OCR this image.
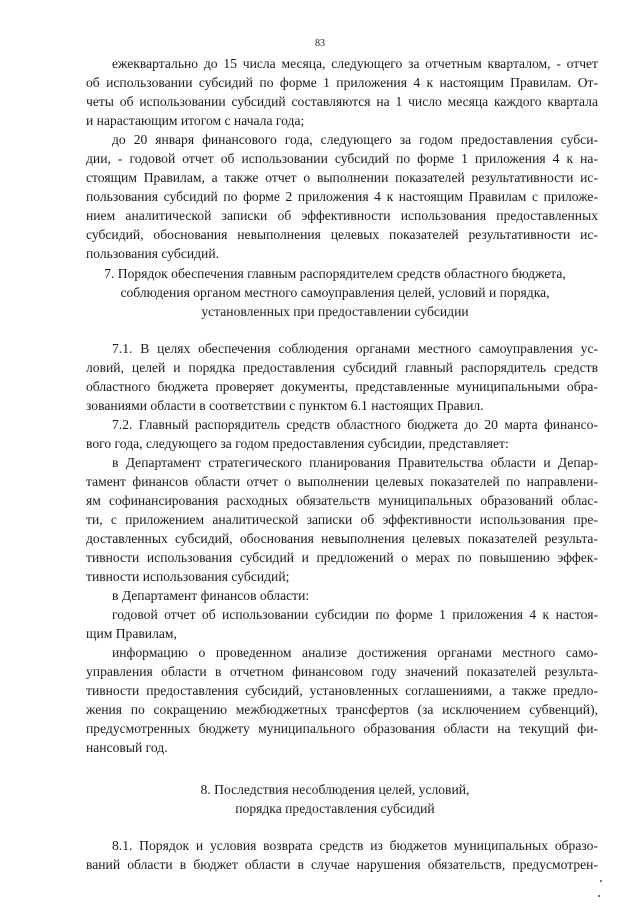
83
ежеквартально до 15 числа месяца, следующего за отчетным кварталом, - отчет
об использовании субсидий по форме 1 приложения 4 к настоящим Правилам. От-
четы об использовании субсидий составляются на 1 число месяца каждого квартала
и нарастающим итогом с начала года;
до 20 января финансового года, следующего за годом предоставления субси-
дии, - годовой отчет об использовании субсидий по форме 1 приложения 4 к на-
стоящим Правилам, а также отчет о выполнении показателей результативности ис-
пользования субсидий по форме 2 приложения 4 к настоящим Правилам с приложе-
нием аналитической записки об эффективности использования предоставленных
субсидий, обоснования невыполнения целевых показателей результативности ис-
пользования субсидий.
7. Порядок обеспечения главным распорядителем средств областного бюджета,
соблюдения органом местного самоуправления целей, условий и порядка,
установленных при предоставлении субсидии
7.1. В целях обеспечения соблюдения органами местного самоуправления ус-
ловий, целей и порядка предоставления субсидий главный распорядитель средств
областного бюджета проверяет документы, представленные муниципальными обра-
зованиями области в соответствии с пунктом 6.1 настоящих Правил.
7.2. Главный распорядитель средств областного бюджета до 20 марта финансо-
вого года, следующего за годом предоставления субсидии, представляет:
в Департамент стратегического планирования Правительства области и Депар-
тамент финансов области отчет о выполнении целевых показателей по направлени-
ям софинансирования расходных обязательств муниципальных образований облас-
ти, с приложением аналитической записки об эффективности использования пре-
доставленных субсидий, обоснования невыполнения целевых показателей результа-
тивности использования субсидий и предложений о мерах по повышению эффек-
тивности использования субсидий;
в Департамент финансов области:
годовой отчет об использовании субсидии по форме 1 приложения 4 к настоя-
щим Правилам,
информацию о проведенном анализе достижения органами местного само-
управления области в отчетном финансовом году значений показателей результа-
тивности предоставления субсидий, установленных соглашениями, а также предло-
жения по сокращению межбюджетных трансфертов (за исключением субвенций),
предусмотренных бюджету муниципального образования области на текущий фи-
нансовый год.
8. Последствия несоблюдения целей, условий,
порядка предоставления субсидий
8.1. Порядок и условия возврата средств из бюджетов муниципальных образо-
ваний области в бюджет области в случае нарушения обязательств, предусмотрен-
